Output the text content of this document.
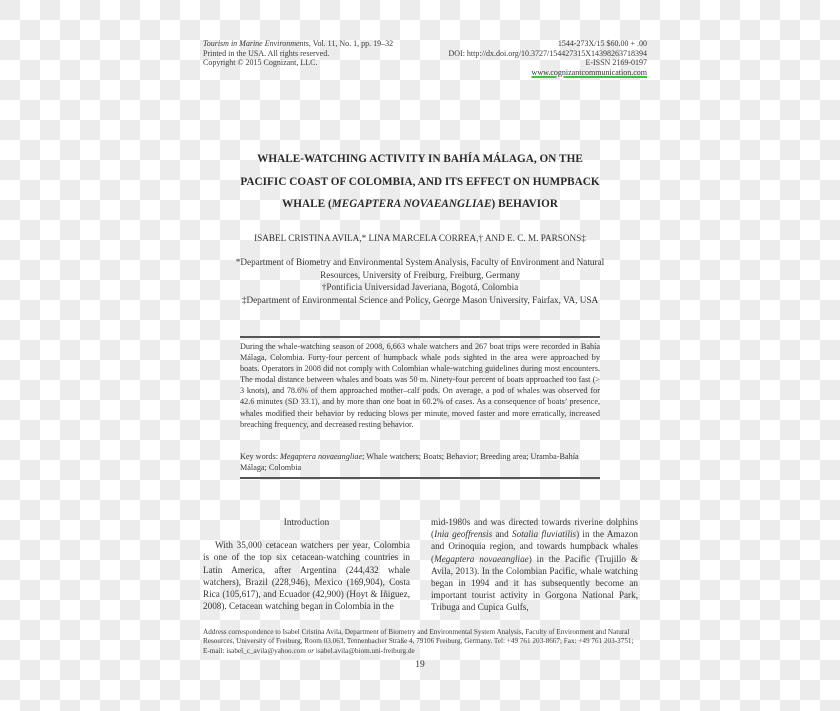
Tourism in Marine Environments, Vol. 11, No. 1, pp. 19–32
Printed in the USA. All rights reserved.
Copyright © 2015 Cognizant, LLC.
1544-273X/15 $60.00 + .00
DOI: http://dx.doi.org/10.3727/154427315X14398263718394
E-ISSN 2169-0197
www.cognizantcommunication.com
WHALE-WATCHING ACTIVITY IN BAHÍA MÁLAGA, ON THE
PACIFIC COAST OF COLOMBIA, AND ITS EFFECT ON HUMPBACK
WHALE (MEGAPTERA NOVAEANGLIAE) BEHAVIOR
ISABEL CRISTINA AVILA,* LINA MARCELA CORREA,† AND E. C. M. PARSONS‡
*Department of Biometry and Environmental System Analysis, Faculty of Environment and Natural
Resources, University of Freiburg, Freiburg, Germany
†Pontificia Universidad Javeriana, Bogotá, Colombia
‡Department of Environmental Science and Policy, George Mason University, Fairfax, VA, USA
During the whale-watching season of 2008, 6,663 whale watchers and 267 boat trips were recorded in Bahía Málaga, Colombia. Forty-four percent of humpback whale pods sighted in the area were approached by boats. Operators in 2008 did not comply with Colombian whale-watching guidelines during most encounters. The modal distance between whales and boats was 50 m. Ninety-four percent of boats approached too fast (> 3 knots), and 78.6% of them approached mother–calf pods. On average, a pod of whales was observed for 42.6 minutes (SD 33.1), and by more than one boat in 60.2% of cases. As a consequence of boats’ presence, whales modified their behavior by reducing blows per minute, moved faster and more erratically, increased breaching frequency, and decreased resting behavior.
Key words: Megaptera novaeangliae; Whale watchers; Boats; Behavior; Breeding area; Uramba-Bahía Málaga; Colombia
Introduction

With 35,000 cetacean watchers per year, Colombia is one of the top six cetacean-watching countries in Latin America, after Argentina (244,432 whale watchers), Brazil (228,946), Mexico (169,904), Costa Rica (105,617), and Ecuador (42,900) (Hoyt & Iñiguez, 2008). Cetacean watching began in Colombia in the

mid-1980s and was directed towards riverine dolphins (Inia geoffrensis and Sotalia fluviatilis) in the Amazon and Orinoquía region, and towards humpback whales (Megaptera novaeangliae) in the Pacific (Trujillo & Avila, 2013). In the Colombian Pacific, whale watching began in 1994 and it has subsequently become an important tourist activity in Gorgona National Park, Tribuga and Cupica Gulfs,

Address correspondence to Isabel Cristina Avila, Department of Biometry and Environmental System Analysis, Faculty of Environment and Natural Resources, University of Freiburg, Room 03.063, Tennenbacher Straße 4, 79106 Freiburg, Germany. Tel: +49 761 203-8667; Fax: +49 761 203-3751; E-mail: isabel_c_avila@yahoo.com or isabel.avila@biom.uni-freiburg.de
19
